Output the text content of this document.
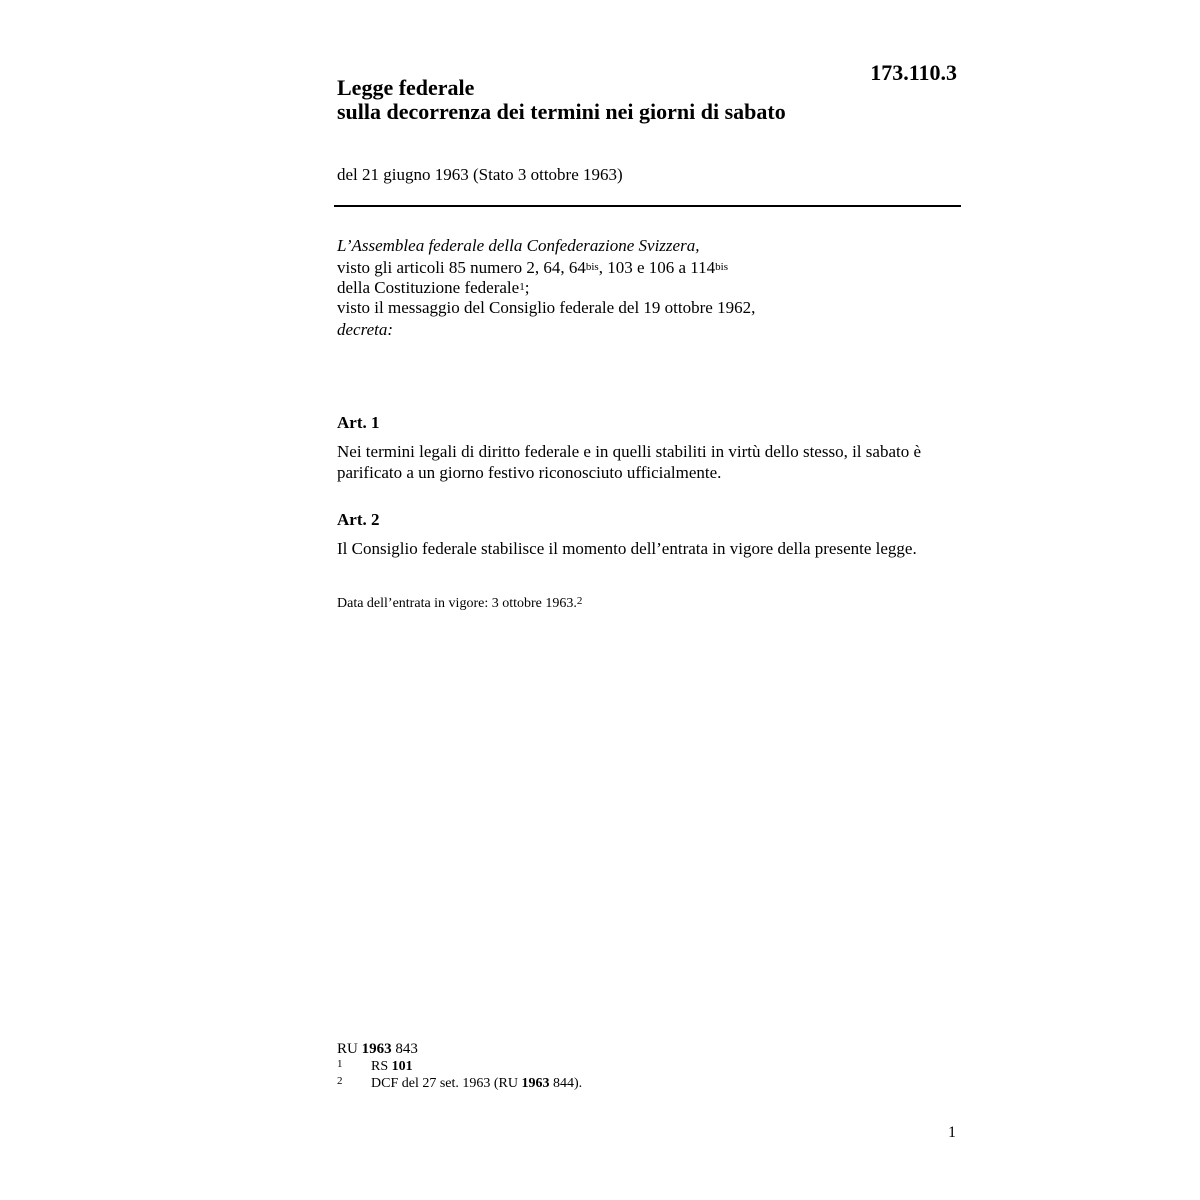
173.110.3
Legge federale
sulla decorrenza dei termini nei giorni di sabato
del 21 giugno 1963 (Stato 3 ottobre 1963)
L’Assemblea federale della Confederazione Svizzera,
visto gli articoli 85 numero 2, 64, $64^{bis}$, 103 e 106 a $114^{bis}$
della Costituzione federale$^1$;
visto il messaggio del Consiglio federale del 19 ottobre 1962,
decreta:
Art. 1
Nei termini legali di diritto federale e in quelli stabiliti in virtù dello stesso, il sabato è parificato a un giorno festivo riconosciuto ufficialmente.
Art. 2
Il Consiglio federale stabilisce il momento dell’entrata in vigore della presente legge.
Data dell’entrata in vigore: 3 ottobre 1963.$^2$
RU 1963 843
1	RS 101
2	DCF del 27 set. 1963 (RU 1963 844).
1
